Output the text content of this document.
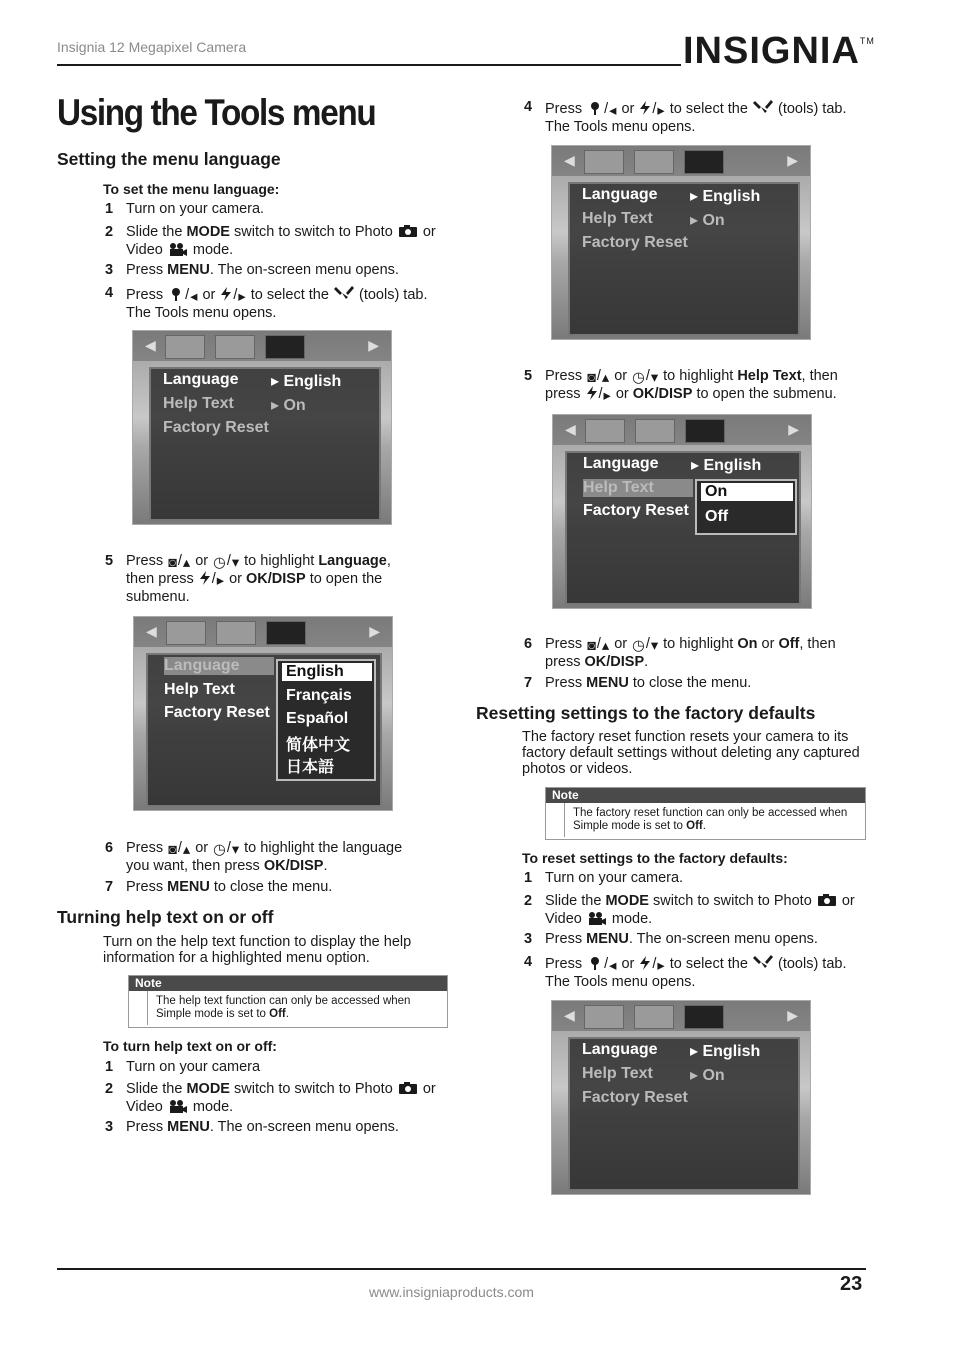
Insignia 12 Megapixel Camera	INSIGNIA™
Using the Tools menu
Setting the menu language
To set the menu language:
1 Turn on your camera.
2 Slide the MODE switch to switch to Photo or
Video mode.
3 Press MENU. The on-screen menu opens.
4 Press /◂ or /▸ to select the (tools) tab.
The Tools menu opens.
◀	▶
Language ▸ English
Help Text ▸ On
Factory Reset
5 Press ◙/▴ or ◷/▾ to highlight Language,
then press /▸ or OK/DISP to open the
submenu.
◀	▶
Language
Help Text
Factory Reset
English
Français
Español
简体中文
日本語
6 Press ◙/▴ or ◷/▾ to highlight the language
you want, then press OK/DISP.
7 Press MENU to close the menu.
Turning help text on or off
Turn on the help text function to display the help information for a highlighted menu option.
Note
The help text function can only be accessed when Simple mode is set to Off.
To turn help text on or off:
1 Turn on your camera
2 Slide the MODE switch to switch to Photo or
Video mode.
3 Press MENU. The on-screen menu opens.
4 Press /◂ or /▸ to select the (tools) tab.
The Tools menu opens.
◀	▶
Language ▸ English
Help Text ▸ On
Factory Reset
5 Press ◙/▴ or ◷/▾ to highlight Help Text, then
press /▸ or OK/DISP to open the submenu.
◀	▶
Language ▸ English
Help Text
Factory Reset
On
Off
6 Press ◙/▴ or ◷/▾ to highlight On or Off, then
press OK/DISP.
7 Press MENU to close the menu.
Resetting settings to the factory defaults
The factory reset function resets your camera to its factory default settings without deleting any captured photos or videos.
Note
The factory reset function can only be accessed when Simple mode is set to Off.
To reset settings to the factory defaults:
1 Turn on your camera.
2 Slide the MODE switch to switch to Photo or
Video mode.
3 Press MENU. The on-screen menu opens.
4 Press /◂ or /▸ to select the (tools) tab.
The Tools menu opens.
◀	▶
Language ▸ English
Help Text ▸ On
Factory Reset
www.insigniaproducts.com	23
